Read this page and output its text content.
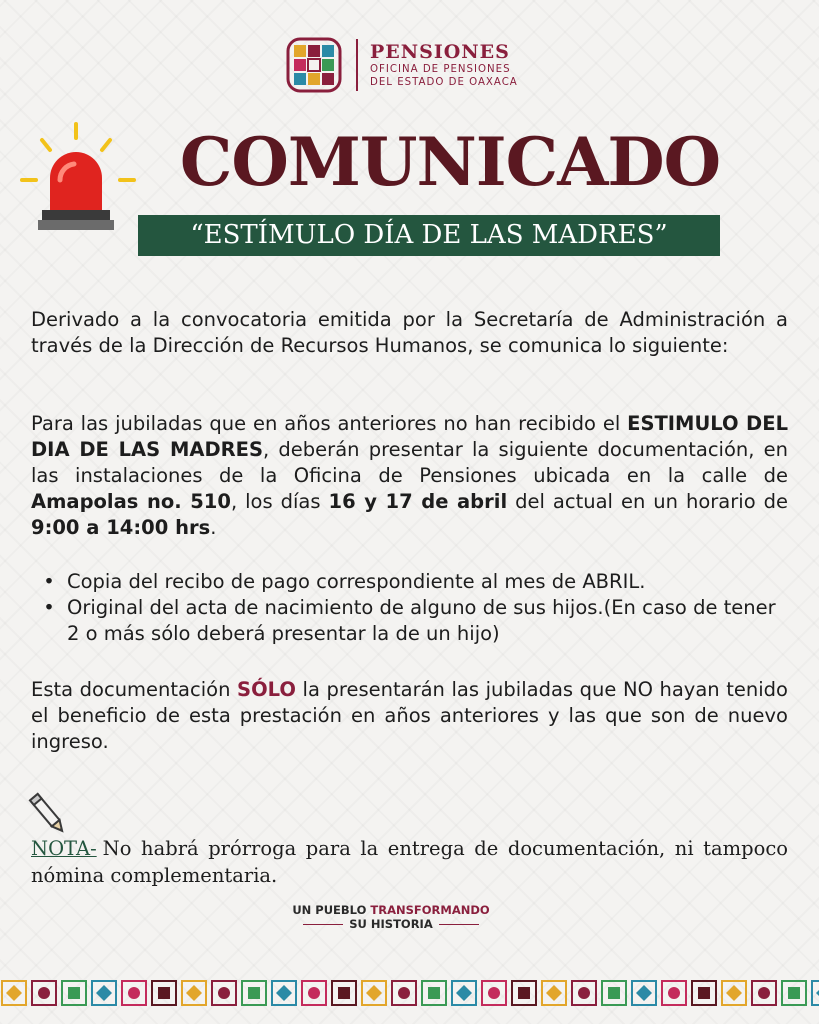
PENSIONES
OFICINA DE PENSIONES
DEL ESTADO DE OAXACA
COMUNICADO
“ESTÍMULO DÍA DE LAS MADRES”

Derivado a la convocatoria emitida por la Secretaría de Administración a través de la Dirección de Recursos Humanos, se comunica lo siguiente:

Para las jubiladas que en años anteriores no han recibido el ESTIMULO DEL DIA DE LAS MADRES, deberán presentar la siguiente documentación, en las instalaciones de la Oficina de Pensiones ubicada en la calle de Amapolas no. 510, los días 16 y 17 de abril del actual en un horario de 9:00 a 14:00 hrs.

• Copia del recibo de pago correspondiente al mes de ABRIL.
• Original del acta de nacimiento de alguno de sus hijos.(En caso de tener 2 o más sólo deberá presentar la de un hijo)

Esta documentación SÓLO la presentarán las jubiladas que NO hayan tenido el beneficio de esta prestación en años anteriores y las que son de nuevo ingreso.

NOTA- No habrá prórroga para la entrega de documentación, ni tampoco nómina complementaria.
UN PUEBLO TRANSFORMANDO
SU HISTORIA
